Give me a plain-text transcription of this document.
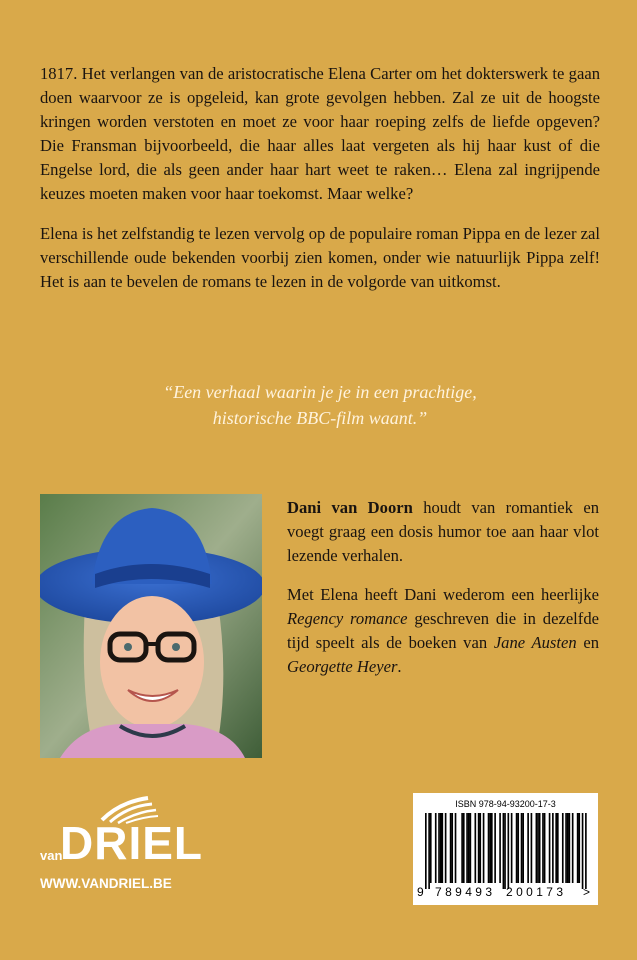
1817. Het verlangen van de aristocratische Elena Carter om het dokterswerk te gaan doen waarvoor ze is opgeleid, kan grote gevolgen hebben. Zal ze uit de hoogste kringen worden verstoten en moet ze voor haar roeping zelfs de liefde opgeven? Die Fransman bijvoorbeeld, die haar alles laat vergeten als hij haar kust of die Engelse lord, die als geen ander haar hart weet te raken… Elena zal ingrijpende keuzes moeten maken voor haar toekomst. Maar welke?

Elena is het zelfstandig te lezen vervolg op de populaire roman Pippa en de lezer zal verschillende oude bekenden voorbij zien komen, onder wie natuurlijk Pippa zelf! Het is aan te bevelen de romans te lezen in de volgorde van uitkomst.

“Een verhaal waarin je je in een prachtige,
historische BBC-film waant.”

Dani van Doorn houdt van romantiek en voegt graag een dosis humor toe aan haar vlot lezende verhalen.

Met Elena heeft Dani wederom een heerlijke Regency romance geschreven die in dezelfde tijd speelt als de boeken van Jane Austen en Georgette Heyer.

van
DRIEL
WWW.VANDRIEL.BE
ISBN 978-94-93200-17-3
9 789493 200173 >
